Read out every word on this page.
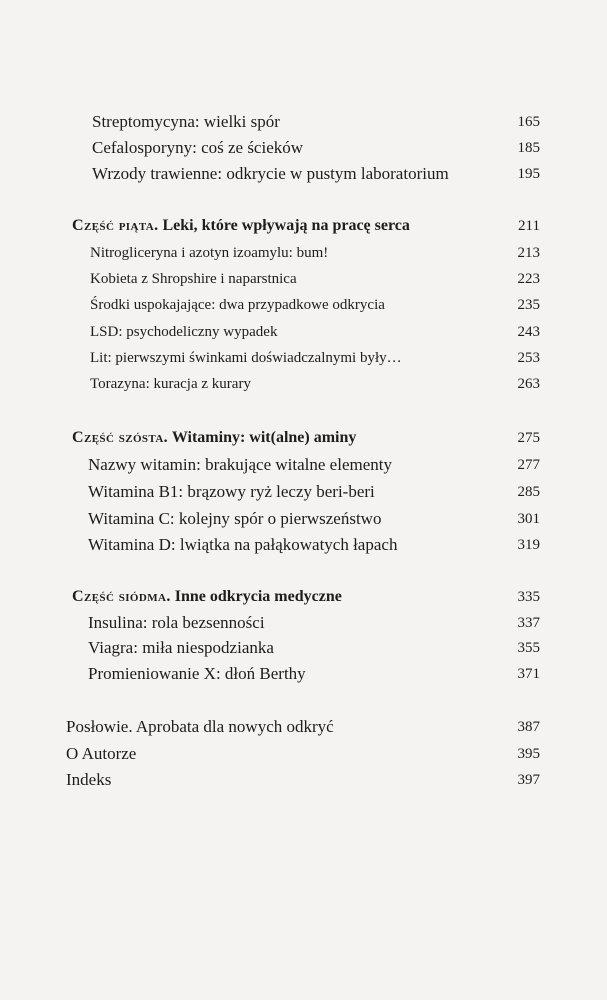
Streptomycyna: wielki spór	165
Cefalosporyny: coś ze ścieków	185
Wrzody trawienne: odkrycie w pustym laboratorium	195
Część piąta. Leki, które wpływają na pracę serca	211
Nitrogliceryna i azotyn izoamylu: bum!	213
Kobieta z Shropshire i naparstnica	223
Środki uspokajające: dwa przypadkowe odkrycia	235
LSD: psychodeliczny wypadek	243
Lit: pierwszymi świnkami doświadczalnymi były…	253
Torazyna: kuracja z kurary	263
Część szósta. Witaminy: wit(alne) aminy	275
Nazwy witamin: brakujące witalne elementy	277
Witamina B1: brązowy ryż leczy beri-beri	285
Witamina C: kolejny spór o pierwszeństwo	301
Witamina D: lwiątka na pałąkowatych łapach	319
Część siódma. Inne odkrycia medyczne	335
Insulina: rola bezsenności	337
Viagra: miła niespodzianka	355
Promieniowanie X: dłoń Berthy	371
Posłowie. Aprobata dla nowych odkryć	387
O Autorze	395
Indeks	397
